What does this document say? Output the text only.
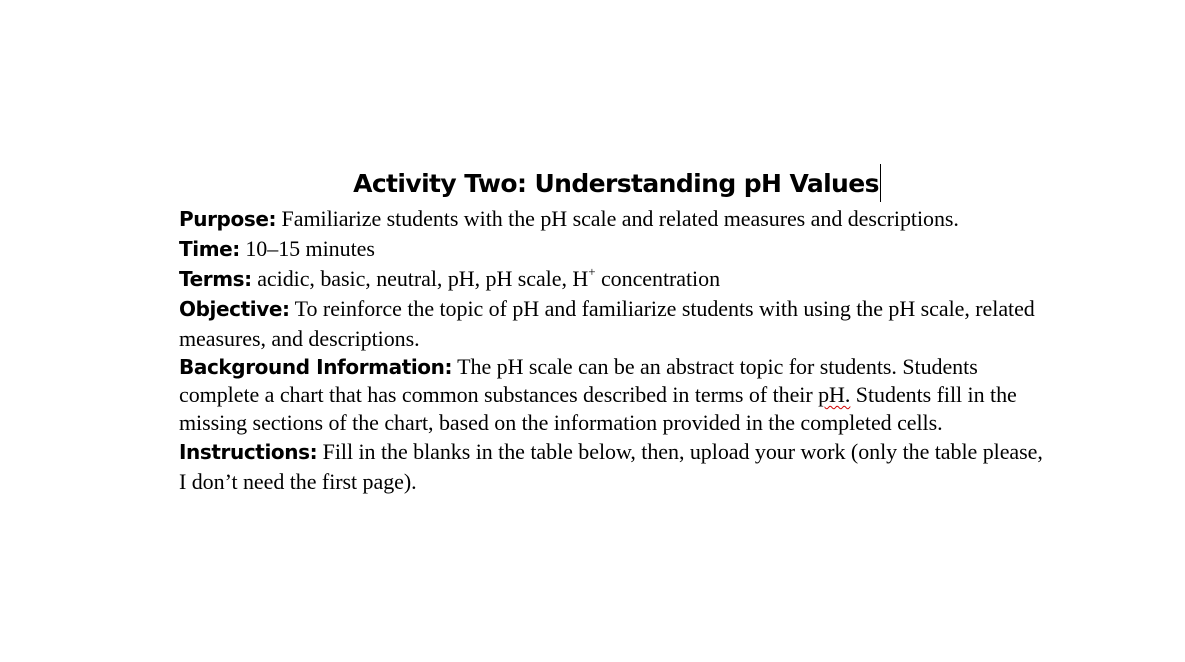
Activity Two: Understanding pH Values

Purpose: Familiarize students with the pH scale and related measures and descriptions.

Time: 10–15 minutes

Terms: acidic, basic, neutral, pH, pH scale, H+ concentration

Objective: To reinforce the topic of pH and familiarize students with using the pH scale, related measures, and descriptions.

Background Information: The pH scale can be an abstract topic for students. Students complete a chart that has common substances described in terms of their pH. Students fill in the missing sections of the chart, based on the information provided in the completed cells.

Instructions: Fill in the blanks in the table below, then, upload your work (only the table please, I don’t need the first page).
